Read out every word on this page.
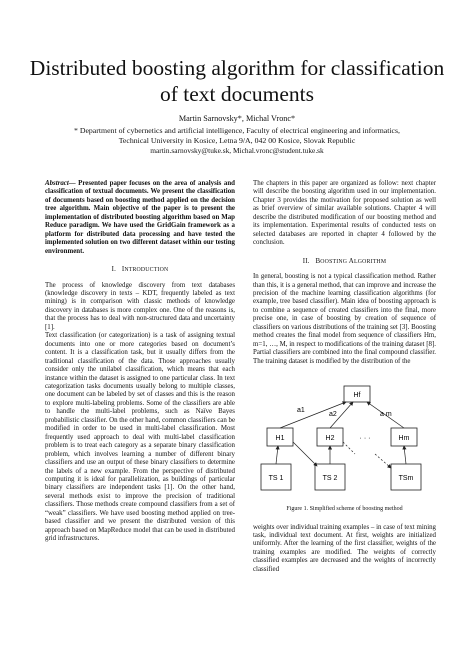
Distributed boosting algorithm for classification
of text documents
Martin Sarnovsky*, Michal Vronc*
* Department of cybernetics and artificial intelligence, Faculty of electrical engineering and informatics,
Technical University in Kosice, Letna 9/A, 042 00 Kosice, Slovak Republic
martin.sarnovsky@tuke.sk, Michal.vronc@student.tuke.sk

Abstract— Presented paper focuses on the area of analysis and classification of textual documents. We present the classification of documents based on boosting method applied on the decision tree algorithm. Main objective of the paper is to present the implementation of distributed boosting algorithm based on Map Reduce paradigm. We have used the GridGain framework as a platform for distributed data processing and have tested the implemented solution on two different dataset within our testing environment.

I. INTRODUCTION

The process of knowledge discovery from text databases (knowledge discovery in texts – KDT, frequently labeled as text mining) is in comparison with classic methods of knowledge discovery in databases is more complex one. One of the reasons is, that the process has to deal with non-structured data and uncertainty [1].

Text classification (or categorization) is a task of assigning textual documents into one or more categories based on document’s content. It is a classification task, but it usually differs from the traditional classification of the data. Those approaches usually consider only the unilabel classification, which means that each instance within the dataset is assigned to one particular class. In text categorization tasks documents usually belong to multiple classes, one document can be labeled by set of classes and this is the reason to explore multi-labeling problems. Some of the classifiers are able to handle the multi-label problems, such as Naïve Bayes probabilistic classifier. On the other hand, common classifiers can be modified in order to be used in multi-label classification. Most frequently used approach to deal with multi-label classification problem is to treat each category as a separate binary classification problem, which involves learning a number of different binary classifiers and use an output of these binary classifiers to determine the labels of a new example. From the perspective of distributed computing it is ideal for parallelization, as buildings of particular binary classifiers are independent tasks [1]. On the other hand, several methods exist to improve the precision of traditional classifiers. Those methods create compound classifiers from a set of “weak” classifiers. We have used boosting method applied on tree-based classifier and we present the distributed version of this approach based on MapReduce model that can be used in distributed grid infrastructures.

The chapters in this paper are organized as follow: next chapter will describe the boosting algorithm used in our implementation. Chapter 3 provides the motivation for proposed solution as well as brief overview of similar available solutions. Chapter 4 will describe the distributed modification of our boosting method and its implementation. Experimental results of conducted tests on selected databases are reported in chapter 4 followed by the conclusion.

II. BOOSTING ALGORITHM

In general, boosting is not a typical classification method. Rather than this, it is a general method, that can improve and increase the precision of the machine learning classification algorithms (for example, tree based classifier). Main idea of boosting approach is to combine a sequence of created classifiers into the final, more precise one, in case of boosting by creation of sequence of classifiers on various distributions of the training set [3]. Boosting method creates the final model from sequence of classifiers Hm, m=1, …, M, in respect to modifications of the training dataset [8]. Partial classifiers are combined into the final compound classifier. The training dataset is modified by the distribution of the

Hf
H1	H2	Hm
· · ·
TS 1	TS 2	TSm
a1
a2	a m
Figure 1. Simplified scheme of boosting method

weights over individual training examples – in case of text mining task, individual text document. At first, weights are initialized uniformly. After the learning of the first classifier, weights of the training examples are modified. The weights of correctly classified examples are decreased and the weights of incorrectly classified
